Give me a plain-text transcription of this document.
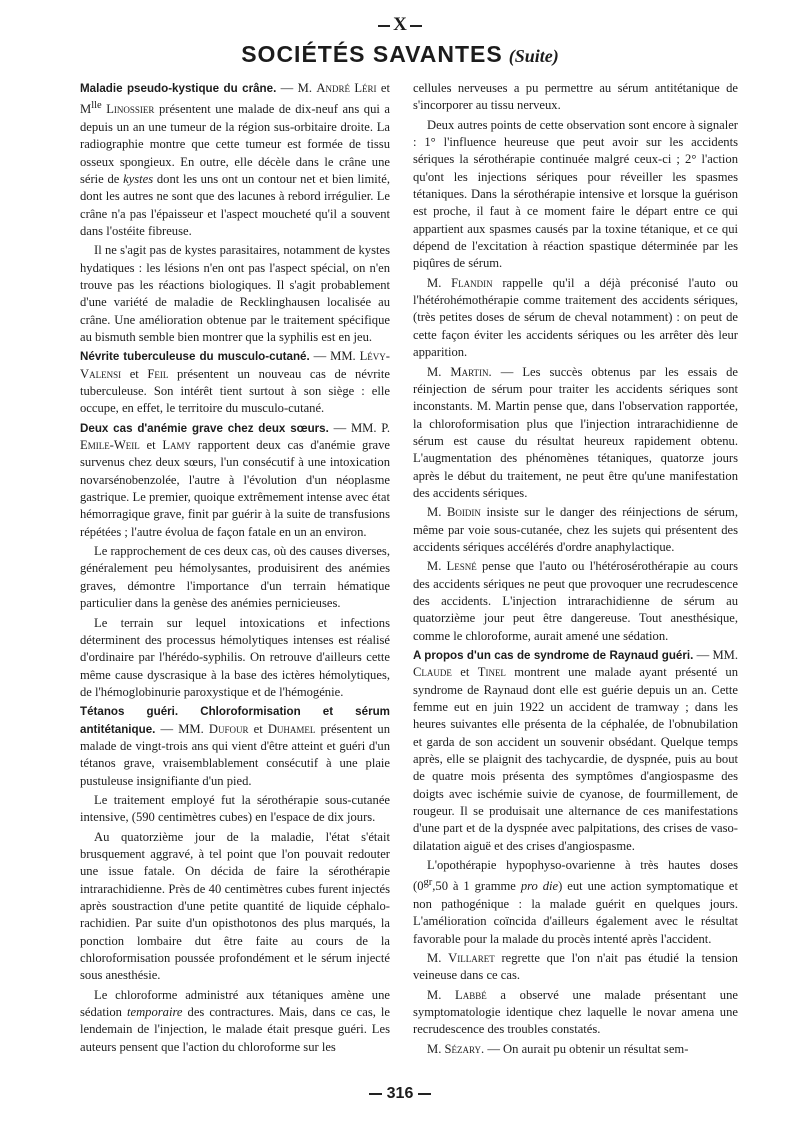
X
SOCIÉTÉS SAVANTES (Suite)

Maladie pseudo-kystique du crâne. — M. André Léri et $M^{lle}$ Linossier présentent une malade de dix-neuf ans qui a depuis un an une tumeur de la région sus-orbitaire droite. La radiographie montre que cette tumeur est formée de tissu osseux spongieux. En outre, elle décèle dans le crâne une série de kystes dont les uns ont un contour net et bien limité, dont les autres ne sont que des lacunes à rebord irrégulier. Le crâne n'a pas l'épaisseur et l'aspect moucheté qu'il a souvent dans l'ostéite fibreuse.

Il ne s'agit pas de kystes parasitaires, notamment de kystes hydatiques : les lésions n'en ont pas l'aspect spécial, on n'en trouve pas les réactions biologiques. Il s'agit probablement d'une variété de maladie de Recklinghausen localisée au crâne. Une amélioration obtenue par le traitement spécifique au bismuth semble bien montrer que la syphilis est en jeu.

Névrite tuberculeuse du musculo-cutané. — MM. Lévy-Valensi et Feil présentent un nouveau cas de névrite tuberculeuse. Son intérêt tient surtout à son siège : elle occupe, en effet, le territoire du musculo-cutané.

Deux cas d'anémie grave chez deux sœurs. — MM. P. Emile-Weil et Lamy rapportent deux cas d'anémie grave survenus chez deux sœurs, l'un consécutif à une intoxication novarsénobenzolée, l'autre à l'évolution d'un néoplasme gastrique. Le premier, quoique extrêmement intense avec état hémorragique grave, finit par guérir à la suite de transfusions répétées ; l'autre évolua de façon fatale en un an environ.

Le rapprochement de ces deux cas, où des causes diverses, généralement peu hémolysantes, produisirent des anémies graves, démontre l'importance d'un terrain hématique particulier dans la genèse des anémies pernicieuses.

Le terrain sur lequel intoxications et infections déterminent des processus hémolytiques intenses est réalisé d'ordinaire par l'hérédo-syphilis. On retrouve d'ailleurs cette même cause dyscrasique à la base des ictères hémolytiques, de l'hémoglobinurie paroxystique et de l'hémogénie.

Tétanos guéri. Chloroformisation et sérum antitétanique. — MM. Dufour et Duhamel présentent un malade de vingt-trois ans qui vient d'être atteint et guéri d'un tétanos grave, vraisemblablement consécutif à une plaie pustuleuse insignifiante d'un pied.

Le traitement employé fut la sérothérapie sous-cutanée intensive, (590 centimètres cubes) en l'espace de dix jours.

Au quatorzième jour de la maladie, l'état s'était brusquement aggravé, à tel point que l'on pouvait redouter une issue fatale. On décida de faire la sérothérapie intrarachidienne. Près de 40 centimètres cubes furent injectés après soustraction d'une petite quantité de liquide céphalo-rachidien. Par suite d'un opisthotonos des plus marqués, la ponction lombaire dut être faite au cours de la chloroformisation poussée profondément et le sérum injecté sous anesthésie.

Le chloroforme administré aux tétaniques amène une sédation temporaire des contractures. Mais, dans ce cas, le lendemain de l'injection, le malade était presque guéri. Les auteurs pensent que l'action du chloroforme sur les

cellules nerveuses a pu permettre au sérum antitétanique de s'incorporer au tissu nerveux.

Deux autres points de cette observation sont encore à signaler : 1° l'influence heureuse que peut avoir sur les accidents sériques la sérothérapie continuée malgré ceux-ci ; 2° l'action qu'ont les injections sériques pour réveiller les spasmes tétaniques. Dans la sérothérapie intensive et lorsque la guérison est proche, il faut à ce moment faire le départ entre ce qui appartient aux spasmes causés par la toxine tétanique, et ce qui dépend de l'excitation à réaction spastique déterminée par les piqûres de sérum.

M. Flandin rappelle qu'il a déjà préconisé l'auto ou l'hétérohémothérapie comme traitement des accidents sériques, (très petites doses de sérum de cheval notamment) : on peut de cette façon éviter les accidents sériques ou les arrêter dès leur apparition.

M. Martin. — Les succès obtenus par les essais de réinjection de sérum pour traiter les accidents sériques sont inconstants. M. Martin pense que, dans l'observation rapportée, la chloroformisation plus que l'injection intrarachidienne de sérum est cause du résultat heureux rapidement obtenu. L'augmentation des phénomènes tétaniques, quatorze jours après le début du traitement, ne peut être qu'une manifestation des accidents sériques.

M. Boidin insiste sur le danger des réinjections de sérum, même par voie sous-cutanée, chez les sujets qui présentent des accidents sériques accélérés d'ordre anaphylactique.

M. Lesné pense que l'auto ou l'hétérosérothérapie au cours des accidents sériques ne peut que provoquer une recrudescence des accidents. L'injection intrarachidienne de sérum au quatorzième jour peut être dangereuse. Tout anesthésique, comme le chloroforme, aurait amené une sédation.

A propos d'un cas de syndrome de Raynaud guéri. — MM. Claude et Tinel montrent une malade ayant présenté un syndrome de Raynaud dont elle est guérie depuis un an. Cette femme eut en juin 1922 un accident de tramway ; dans les heures suivantes elle présenta de la céphalée, de l'obnubilation et garda de son accident un souvenir obsédant. Quelque temps après, elle se plaignit des tachycardie, de dyspnée, puis au bout de quatre mois présenta des symptômes d'angiospasme des doigts avec ischémie suivie de cyanose, de fourmillement, de rougeur. Il se produisait une alternance de ces manifestations d'une part et de la dyspnée avec palpitations, des crises de vaso-dilatation aiguë et des crises d'angiospasme.

L'opothérapie hypophyso-ovarienne à très hautes doses ($0^{gr},50$ à 1 gramme pro die) eut une action symptomatique et non pathogénique : la malade guérit en quelques jours. L'amélioration coïncida d'ailleurs également avec le résultat favorable pour la malade du procès intenté après l'accident.

M. Villaret regrette que l'on n'ait pas étudié la tension veineuse dans ce cas.

M. Labbé a observé une malade présentant une symptomatologie identique chez laquelle le novar amena une recrudescence des troubles constatés.

M. Sézary. — On aurait pu obtenir un résultat sem-

316
